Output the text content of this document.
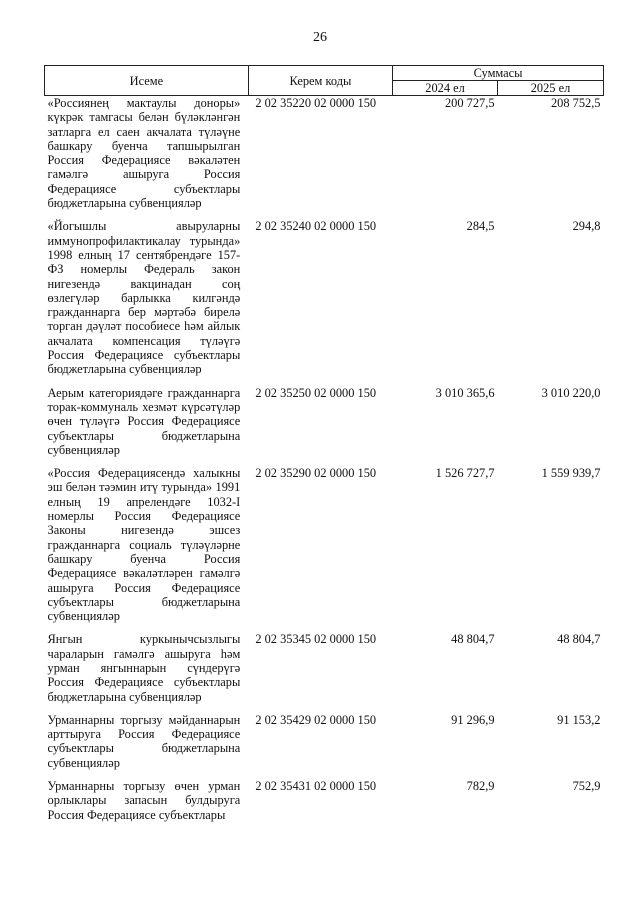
26
Исеме	Керем коды	Суммасы	
		2024 ел	2025 ел
«Россиянең мактаулы доноры» күкрәк тамгасы белән бүләкләнгән затларга ел саен акчалата түләүне башкару буенча тапшырылган Россия Федерациясе вәкаләтен гамәлгә ашыруга Россия Федерациясе субъектлары бюджетларына субвенцияләр	2 02 35220 02 0000 150	200 727,5	208 752,5
«Йогышлы авыруларны иммунопрофилактикалау турында» 1998 елның 17 сентябрендәге 157-ФЗ номерлы Федераль закон нигезендә вакцинадан соң өзлегүләр барлыкка килгәндә гражданнарга бер мәртәбә бирелә торган дәүләт пособиесе һәм айлык акчалата компенсация түләүгә Россия Федерациясе субъектлары бюджетларына субвенцияләр	2 02 35240 02 0000 150	284,5	294,8
Аерым категориядәге гражданнарга торак-коммуналь хезмәт күрсәтүләр өчен түләүгә Россия Федерациясе субъектлары бюджетларына субвенцияләр	2 02 35250 02 0000 150	3 010 365,6	3 010 220,0
«Россия Федерациясендә халыкны эш белән тәэмин итү турында» 1991 елның 19 апрелендәге 1032-I номерлы Россия Федерациясе Законы нигезендә эшсез гражданнарга социаль түләүләрне башкару буенча Россия Федерациясе вәкаләтләрен гамәлгә ашыруга Россия Федерациясе субъектлары бюджетларына субвенцияләр	2 02 35290 02 0000 150	1 526 727,7	1 559 939,7
Янгын куркынычсызлыгы чараларын гамәлгә ашыруга һәм урман янгыннарын сүндерүгә Россия Федерациясе субъектлары бюджетларына субвенцияләр	2 02 35345 02 0000 150	48 804,7	48 804,7
Урманнарны торгызу мәйданнарын арттыруга Россия Федерациясе субъектлары бюджетларына субвенцияләр	2 02 35429 02 0000 150	91 296,9	91 153,2
Урманнарны торгызу өчен урман орлыклары запасын булдыруга Россия Федерациясе субъектлары	2 02 35431 02 0000 150	782,9	752,9
